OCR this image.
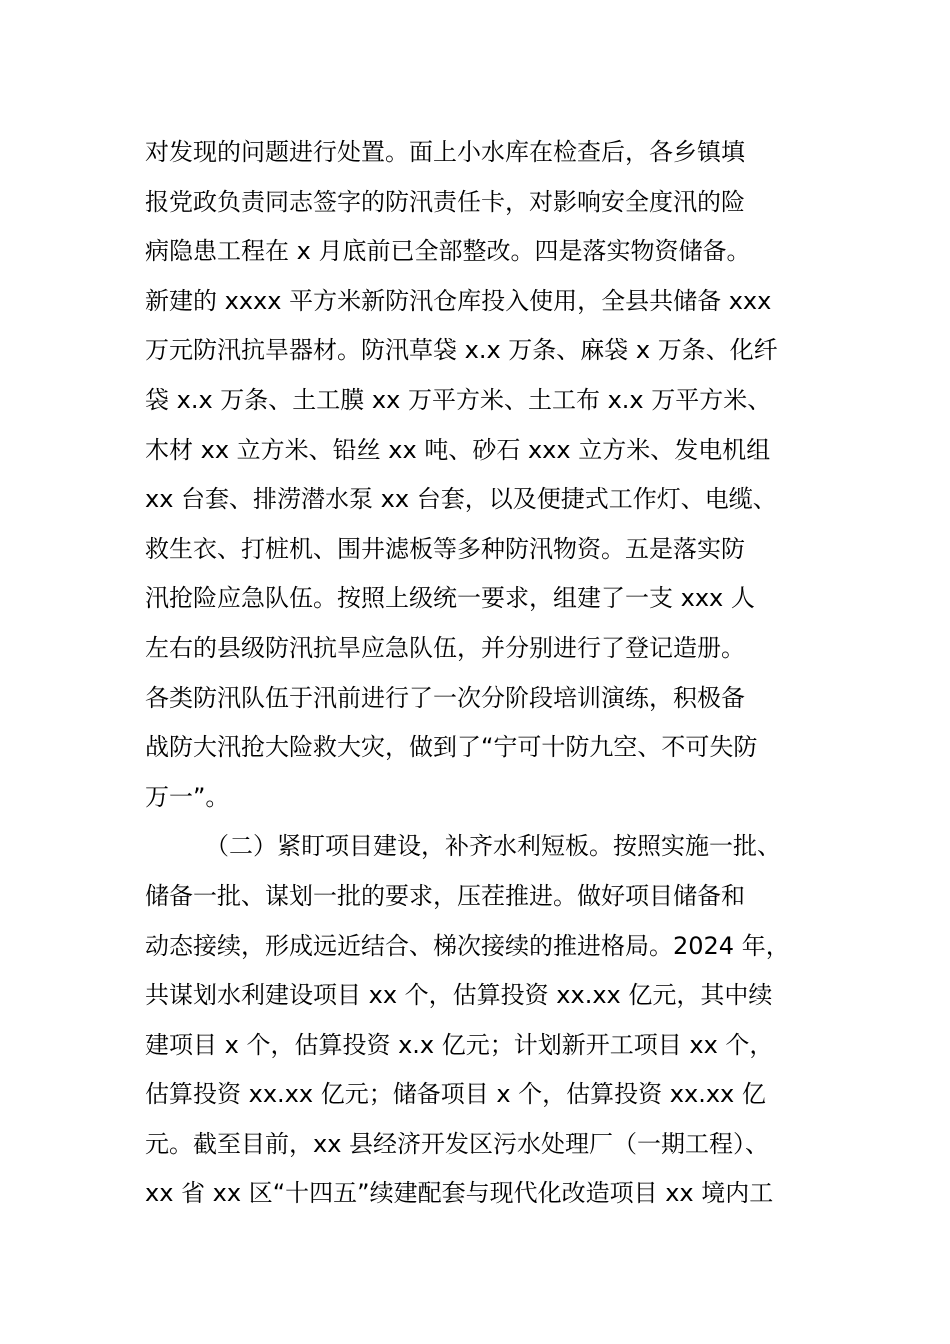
对发现的问题进行处置。面上小水库在检查后，各乡镇填
报党政负责同志签字的防汛责任卡，对影响安全度汛的险
病隐患工程在 x 月底前已全部整改。四是落实物资储备。
新建的 xxxx 平方米新防汛仓库投入使用，全县共储备 xxx
万元防汛抗旱器材。防汛草袋 x.x 万条、麻袋 x 万条、化纤
袋 x.x 万条、土工膜 xx 万平方米、土工布 x.x 万平方米、
木材 xx 立方米、铅丝 xx 吨、砂石 xxx 立方米、发电机组
xx 台套、排涝潜水泵 xx 台套，以及便捷式工作灯、电缆、
救生衣、打桩机、围井滤板等多种防汛物资。五是落实防
汛抢险应急队伍。按照上级统一要求，组建了一支 xxx 人
左右的县级防汛抗旱应急队伍，并分别进行了登记造册。
各类防汛队伍于汛前进行了一次分阶段培训演练，积极备
战防大汛抢大险救大灾，做到了“宁可十防九空、不可失防
万一”。
（二）紧盯项目建设，补齐水利短板。按照实施一批、
储备一批、谋划一批的要求，压茬推进。做好项目储备和
动态接续，形成远近结合、梯次接续的推进格局。2024 年，
共谋划水利建设项目 xx 个，估算投资 xx.xx 亿元，其中续
建项目 x 个，估算投资 x.x 亿元；计划新开工项目 xx 个，
估算投资 xx.xx 亿元；储备项目 x 个，估算投资 xx.xx 亿
元。截至目前，xx 县经济开发区污水处理厂（一期工程）、
xx 省 xx 区“十四五”续建配套与现代化改造项目 xx 境内工
